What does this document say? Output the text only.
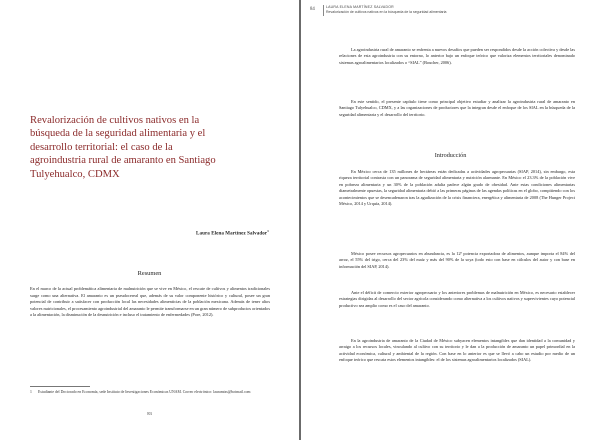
Revalorización de cultivos nativos en la búsqueda de la seguridad alimentaria y el desarrollo territorial: el caso de la agroindustria rural de amaranto en Santiago Tulyehualco, CDMX

Laura Elena Martínez Salvador$^1$

Resumen

En el marco de la actual problemática alimentaria de malnutrición que se vive en México, el rescate de cultivos y alimentos tradicionales surge como una alternativa. El amaranto es un pseudocereal que, además de su valor componente histórico y cultural, posee un gran potencial de contribuir a satisfacer con producción local las necesidades alimenticias de la población mexicana. Además de tener altos valores nutricionales, el procesamiento agroindustrial del amaranto le permite transformarse en un gran número de subproductos orientados a la alimentación, la disminución de la desnutrición e incluso el tratamiento de enfermedades (Pore, 2012).

1	Estudiante del Doctorado en Economía, sede Instituto de Investigaciones Económicas UNAM. Correo electrónico: lauramtzs@hotmail.com

83
84	LAURA ELENA MARTÍNEZ SALVADOR
Revalorización de cultivos nativos en la búsqueda de la seguridad alimentaria

La agroindustria rural de amaranto se enfrenta a nuevos desafíos que pueden ser respondidos desde la acción colectiva y desde las relaciones de esta agroindustria con su entorno, lo anterior bajo un enfoque teórico que valoriza elementos territoriales denominado sistemas agroalimentarios localizados o “SIAL” (Boucher, 2006).

En este sentido, el presente capítulo tiene como principal objetivo estudiar y analizar la agroindustria rural de amaranto en Santiago Tulyehualco, CDMX, y a las organizaciones de productores que la integran desde el enfoque de los SIAL en la búsqueda de la seguridad alimentaria y el desarrollo del territorio.

Introducción

En México cerca de 135 millones de hectáreas están dedicadas a actividades agropecuarias (SIAP, 2014), sin embargo, esta riqueza territorial contrasta con un panorama de seguridad alimentaria y nutrición alarmante. En México el 23.3% de la población vive en pobreza alimentaria y un 30% de la población adulta padece algún grado de obesidad. Ante estas condiciones alimentarias diametralmente opuestas, la seguridad alimentaria debió a las primeras páginas de las agendas políticas en el globo, compitiendo con los acontecimientos que se desencadenaron tras la agudización de la crisis financiera, energética y alimentaria de 2008 (The Hunger Project México, 2014 y Urquía, 2014).

México posee recursos agropecuarios en abundancia, es la 12ª potencia exportadora de alimentos, aunque importa el 84% del arroz, el 55% del trigo, cerca del 23% del maíz y más del 90% de la soya (todo esto con base en cálculos del autor y con base en información del SIAP, 2014).

Ante el déficit de comercio exterior agropecuario y los anteriores problemas de malnutrición en México, es necesario establecer estrategias dirigidas al desarrollo del sector agrícola considerando como alternativa a los cultivos nativos y supervivientes cuyo potencial productivo sea amplio como es el caso del amaranto.

En la agroindustria de amaranto de la Ciudad de México subyacen elementos intangibles que dan identidad a la comunidad y arraigo a los recursos locales, vinculando al cultivo con su territorio y le dan a la producción de amaranto un papel primordial en la actividad económica, cultural y ambiental de la región. Con base en lo anterior es que se llevó a cabo un estudio por medio de un enfoque teórico que rescata estos elementos intangibles: el de los sistemas agroalimentarios localizados (SIAL).
